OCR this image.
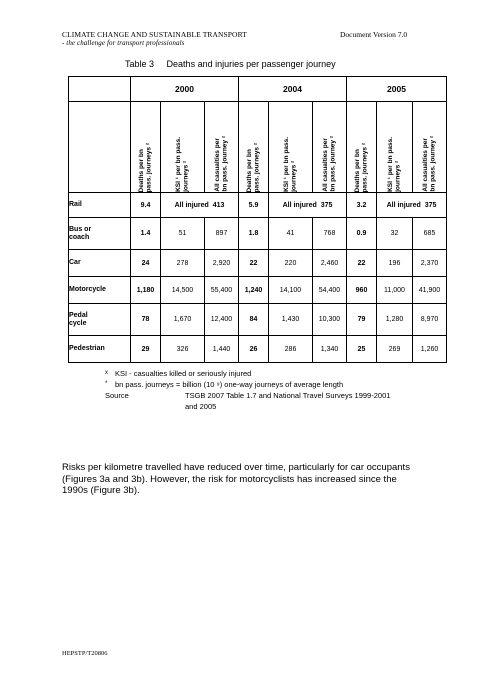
CLIMATE CHANGE AND SUSTAINABLE TRANSPORT
- the challenge for transport professionals
Document Version 7.0
Table 3 Deaths and injuries per passenger journey
	2000			2004			2005		

	Deaths per bn
pass. journeys ²	KSI ¹ per bn pass.
journeys ²	All casualties per
bn pass. journey ²	Deaths per bn
pass. journeys ²	KSI ¹ per bn pass.
journeys ²	All casualties per
bn pass. journey ²	Deaths per bn
pass. journeys ²	KSI ¹ per bn pass.
journeys ²	All casualties per
bn pass. journey ²

Rail	9.4	All injured 413		5.9	All injured 375		3.2	All injured 375	
Bus or
coach	1.4	51	897	1.8	41	768	0.9	32	685
Car	24	278	2,920	22	220	2,460	22	196	2,370
Motorcycle	1,180	14,500	55,400	1,240	14,100	54,400	960	11,000	41,900
Pedal
cycle	78	1,670	12,400	84	1,430	10,300	79	1,280	8,970
Pedestrian	29	326	1,440	26	286	1,340	25	269	1,260
x KSI - casualties killed or seriously injured
*	bn pass. journeys = billion (10 ⁹) one-way journeys of average length
Source	TSGB 2007 Table 1.7 and National Travel Surveys 1999-2001
and 2005
Risks per kilometre travelled have reduced over time, particularly for car occupants (Figures 3a and 3b). However, the risk for motorcyclists has increased since the 1990s (Figure 3b).
HEPSTP/T20806
